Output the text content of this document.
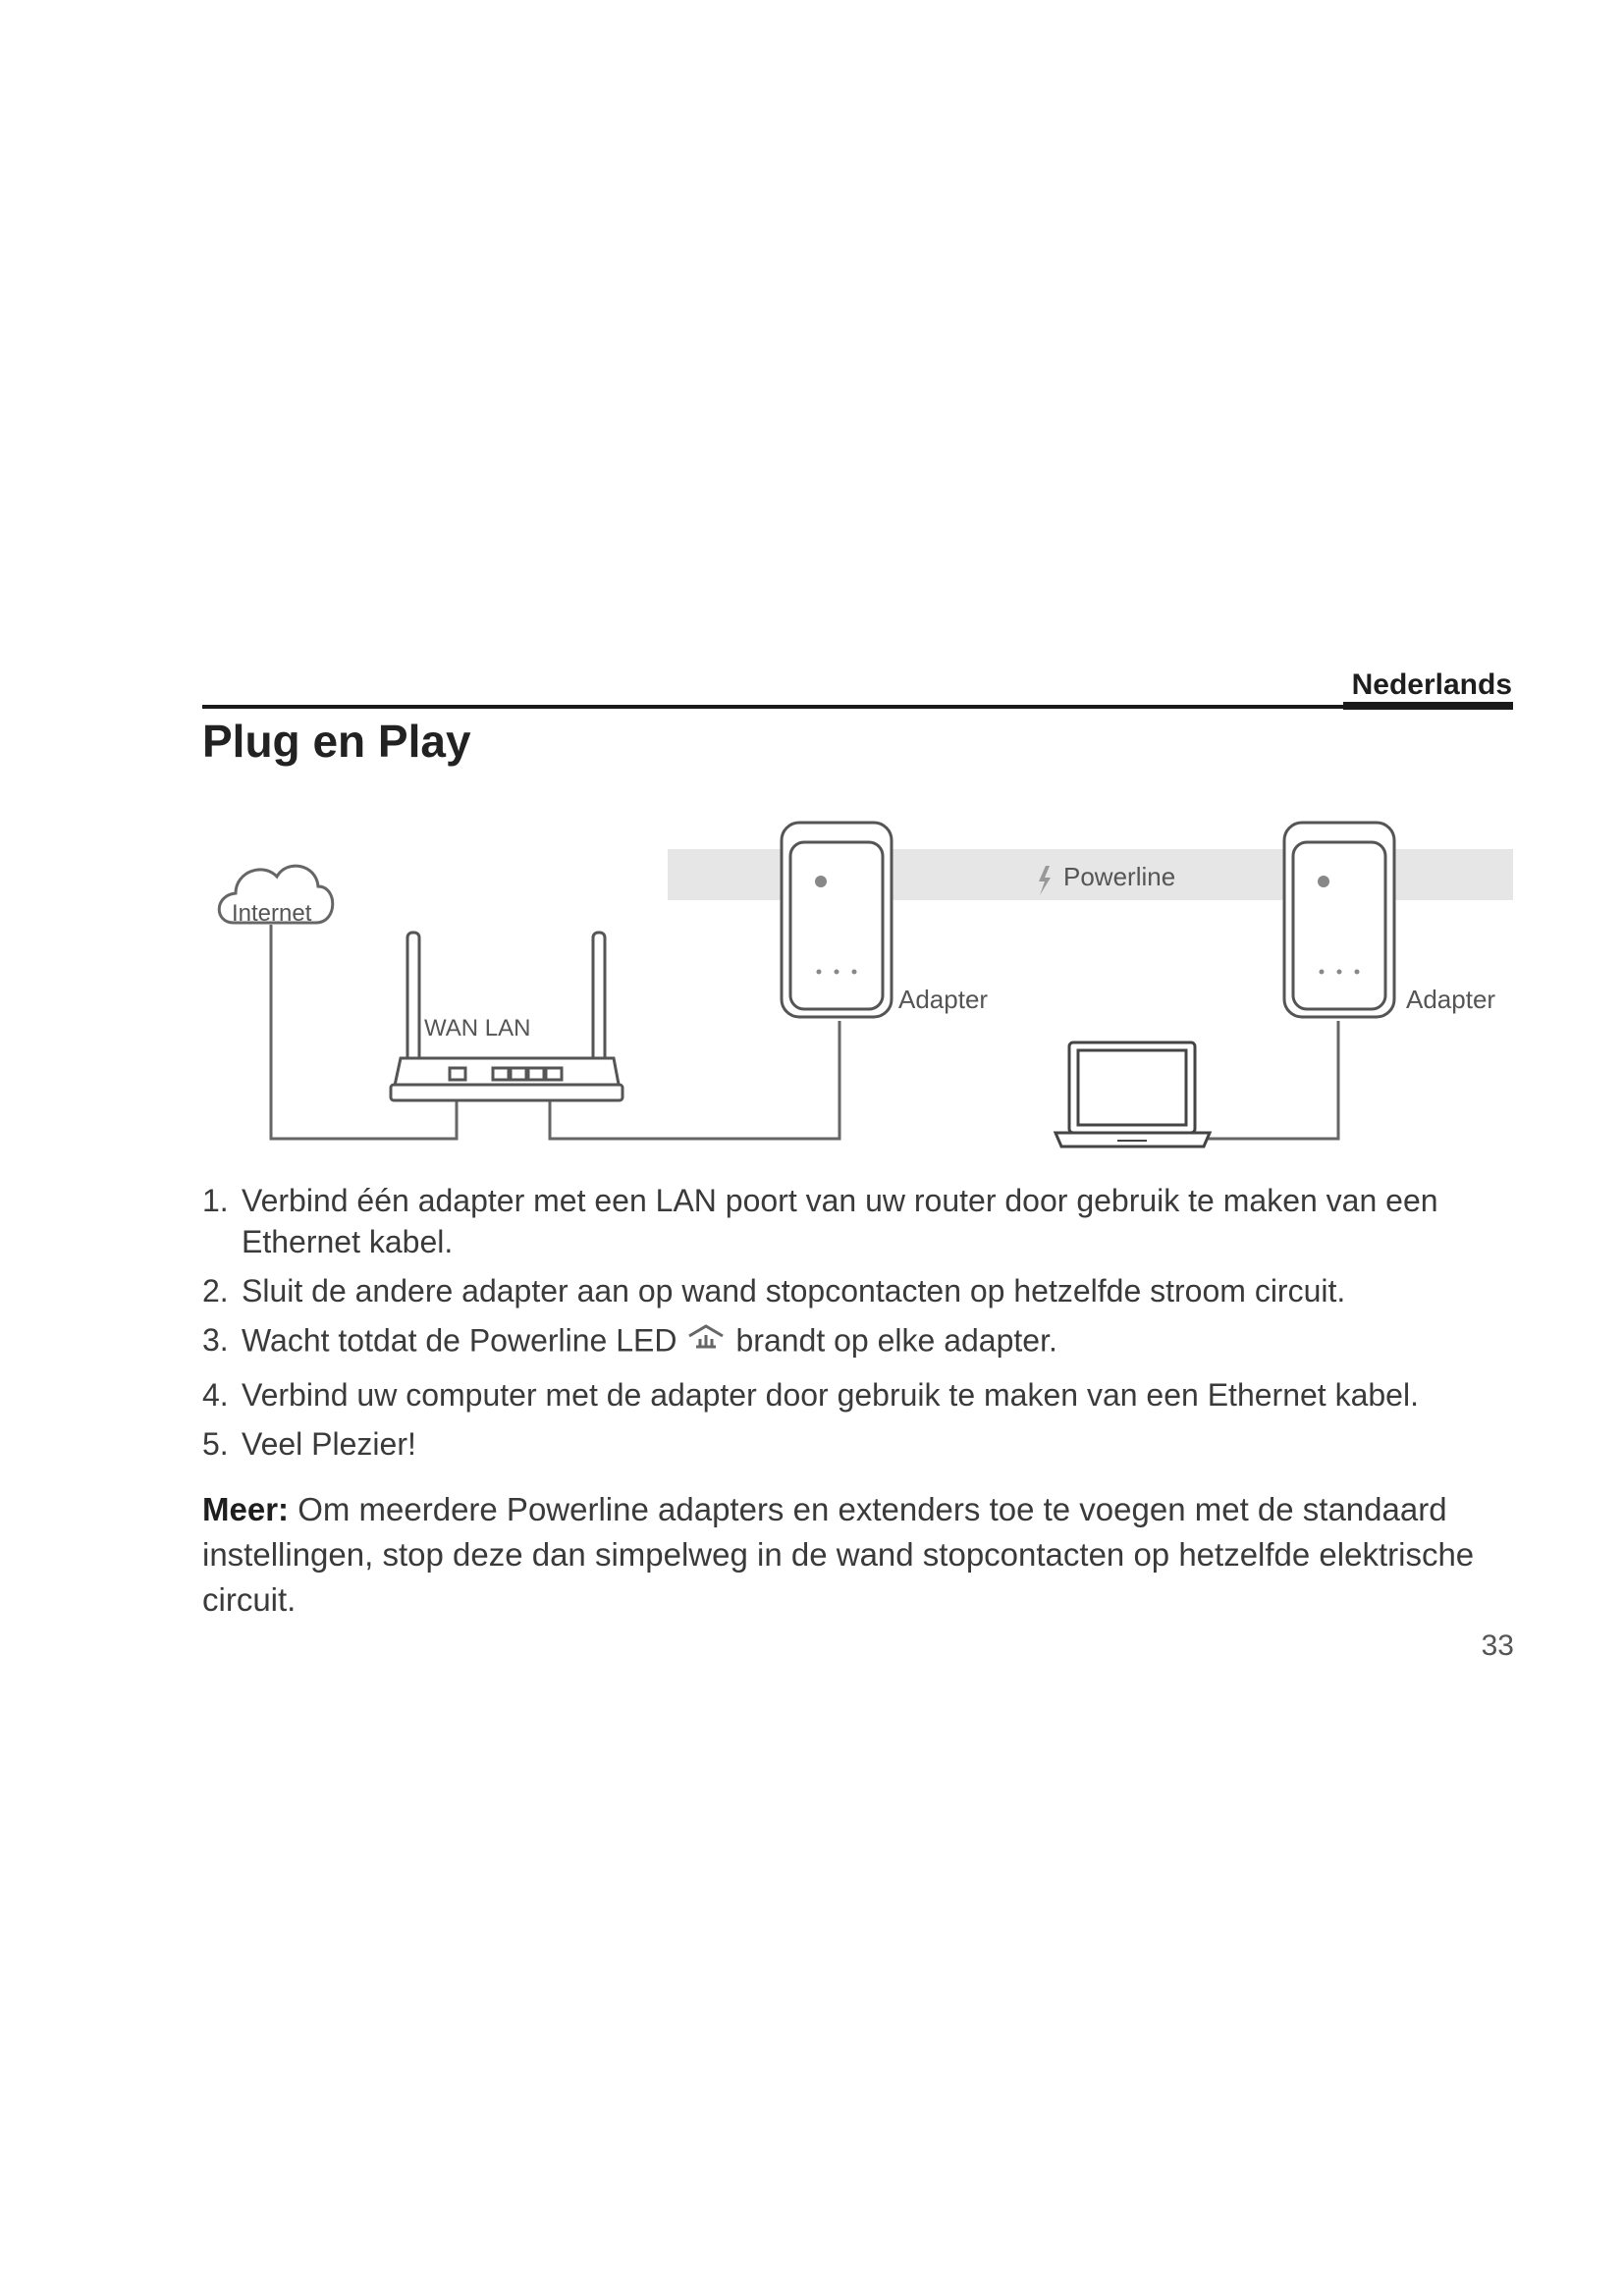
Nederlands
Plug en Play
Powerline
Internet
WAN LAN
Adapter	Adapter
1. Verbind één adapter met een LAN poort van uw router door gebruik te maken van een Ethernet kabel.
2. Sluit de andere adapter aan op wand stopcontacten op hetzelfde stroom circuit.
3. Wacht totdat de Powerline LED brandt op elke adapter.
4. Verbind uw computer met de adapter door gebruik te maken van een Ethernet kabel.
5. Veel Plezier!

Meer: Om meerdere Powerline adapters en extenders toe te voegen met de standaard instellingen, stop deze dan simpelweg in de wand stopcontacten op hetzelfde elektrische circuit.

33
